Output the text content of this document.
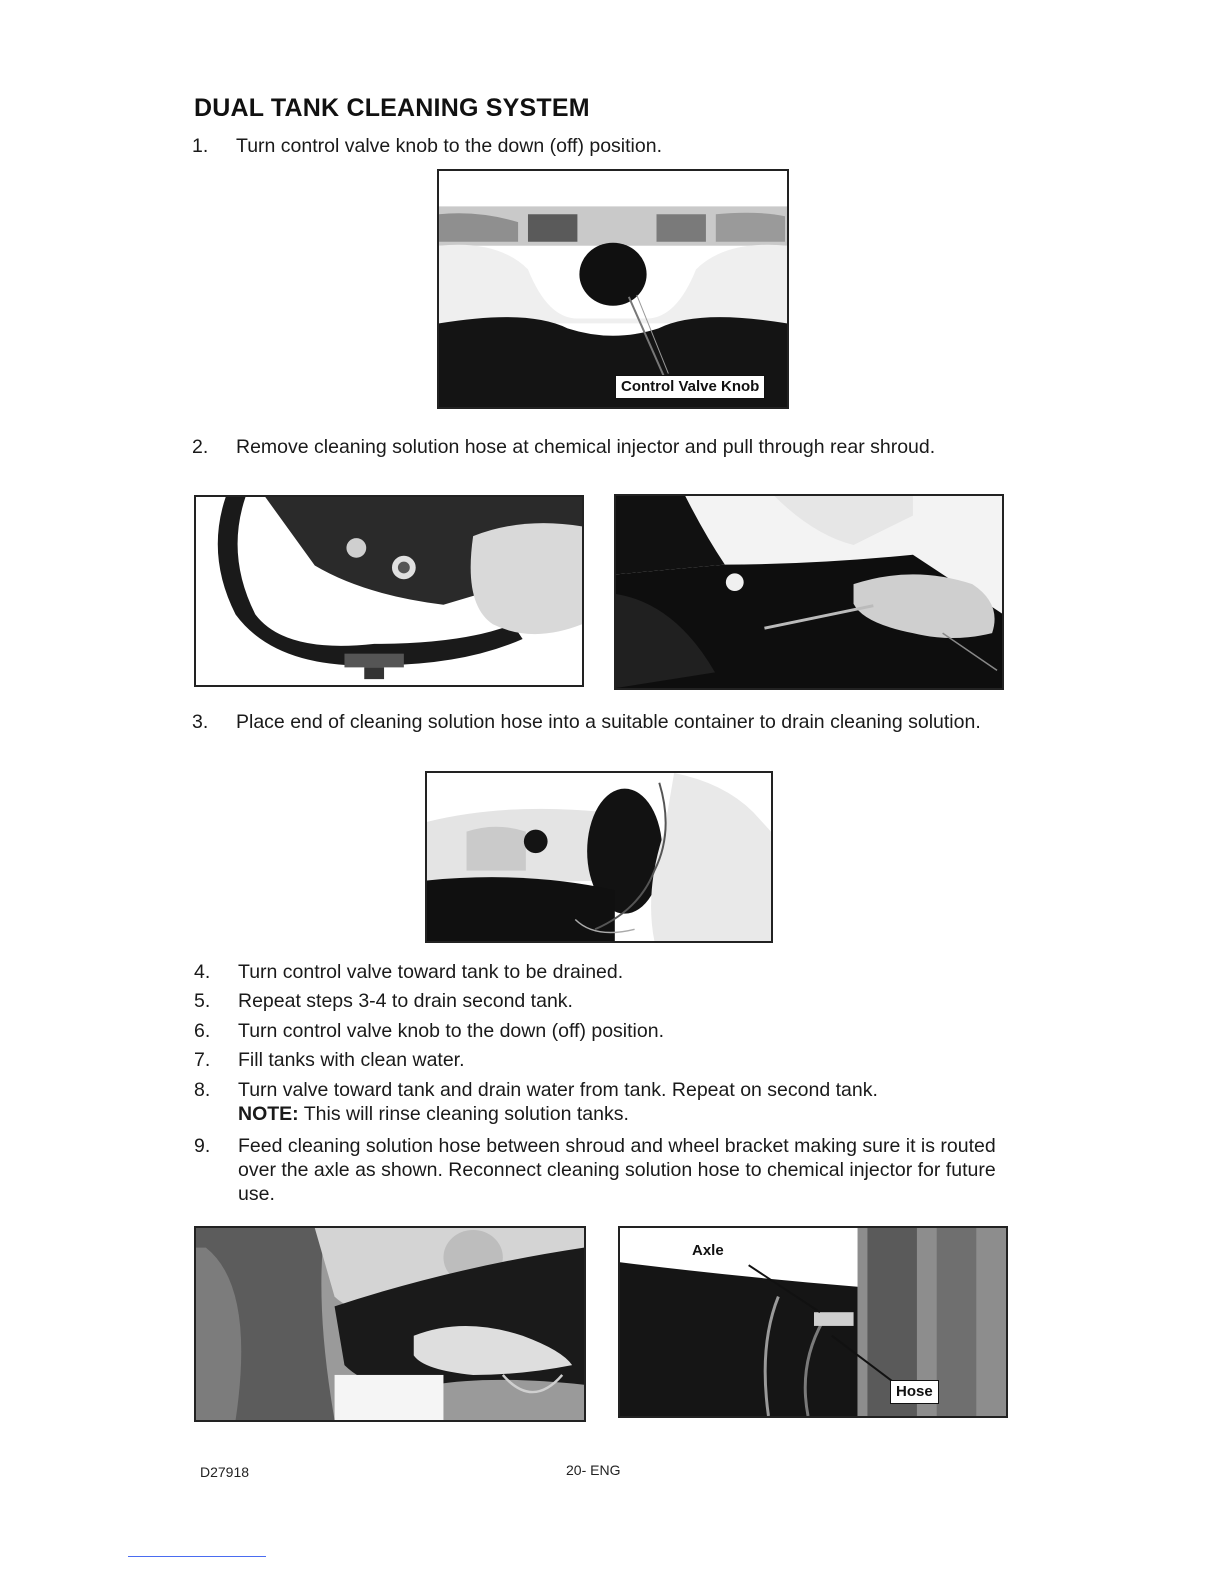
DUAL TANK CLEANING SYSTEM
1. Turn control valve knob to the down (off) position.
Control Valve Knob
2. Remove cleaning solution hose at chemical injector and pull through rear shroud.
3. Place end of cleaning solution hose into a suitable container to drain cleaning solution.
4. Turn control valve toward tank to be drained.
5. Repeat steps 3-4 to drain second tank.
6. Turn control valve knob to the down (off) position.
7. Fill tanks with clean water.
8. Turn valve toward tank and drain water from tank. Repeat on second tank.
NOTE: This will rinse cleaning solution tanks.
9. Feed cleaning solution hose between shroud and wheel bracket making sure it is routed over the axle as shown. Reconnect cleaning solution hose to chemical injector for future use.
Axle
Hose
D27918	20- ENG
